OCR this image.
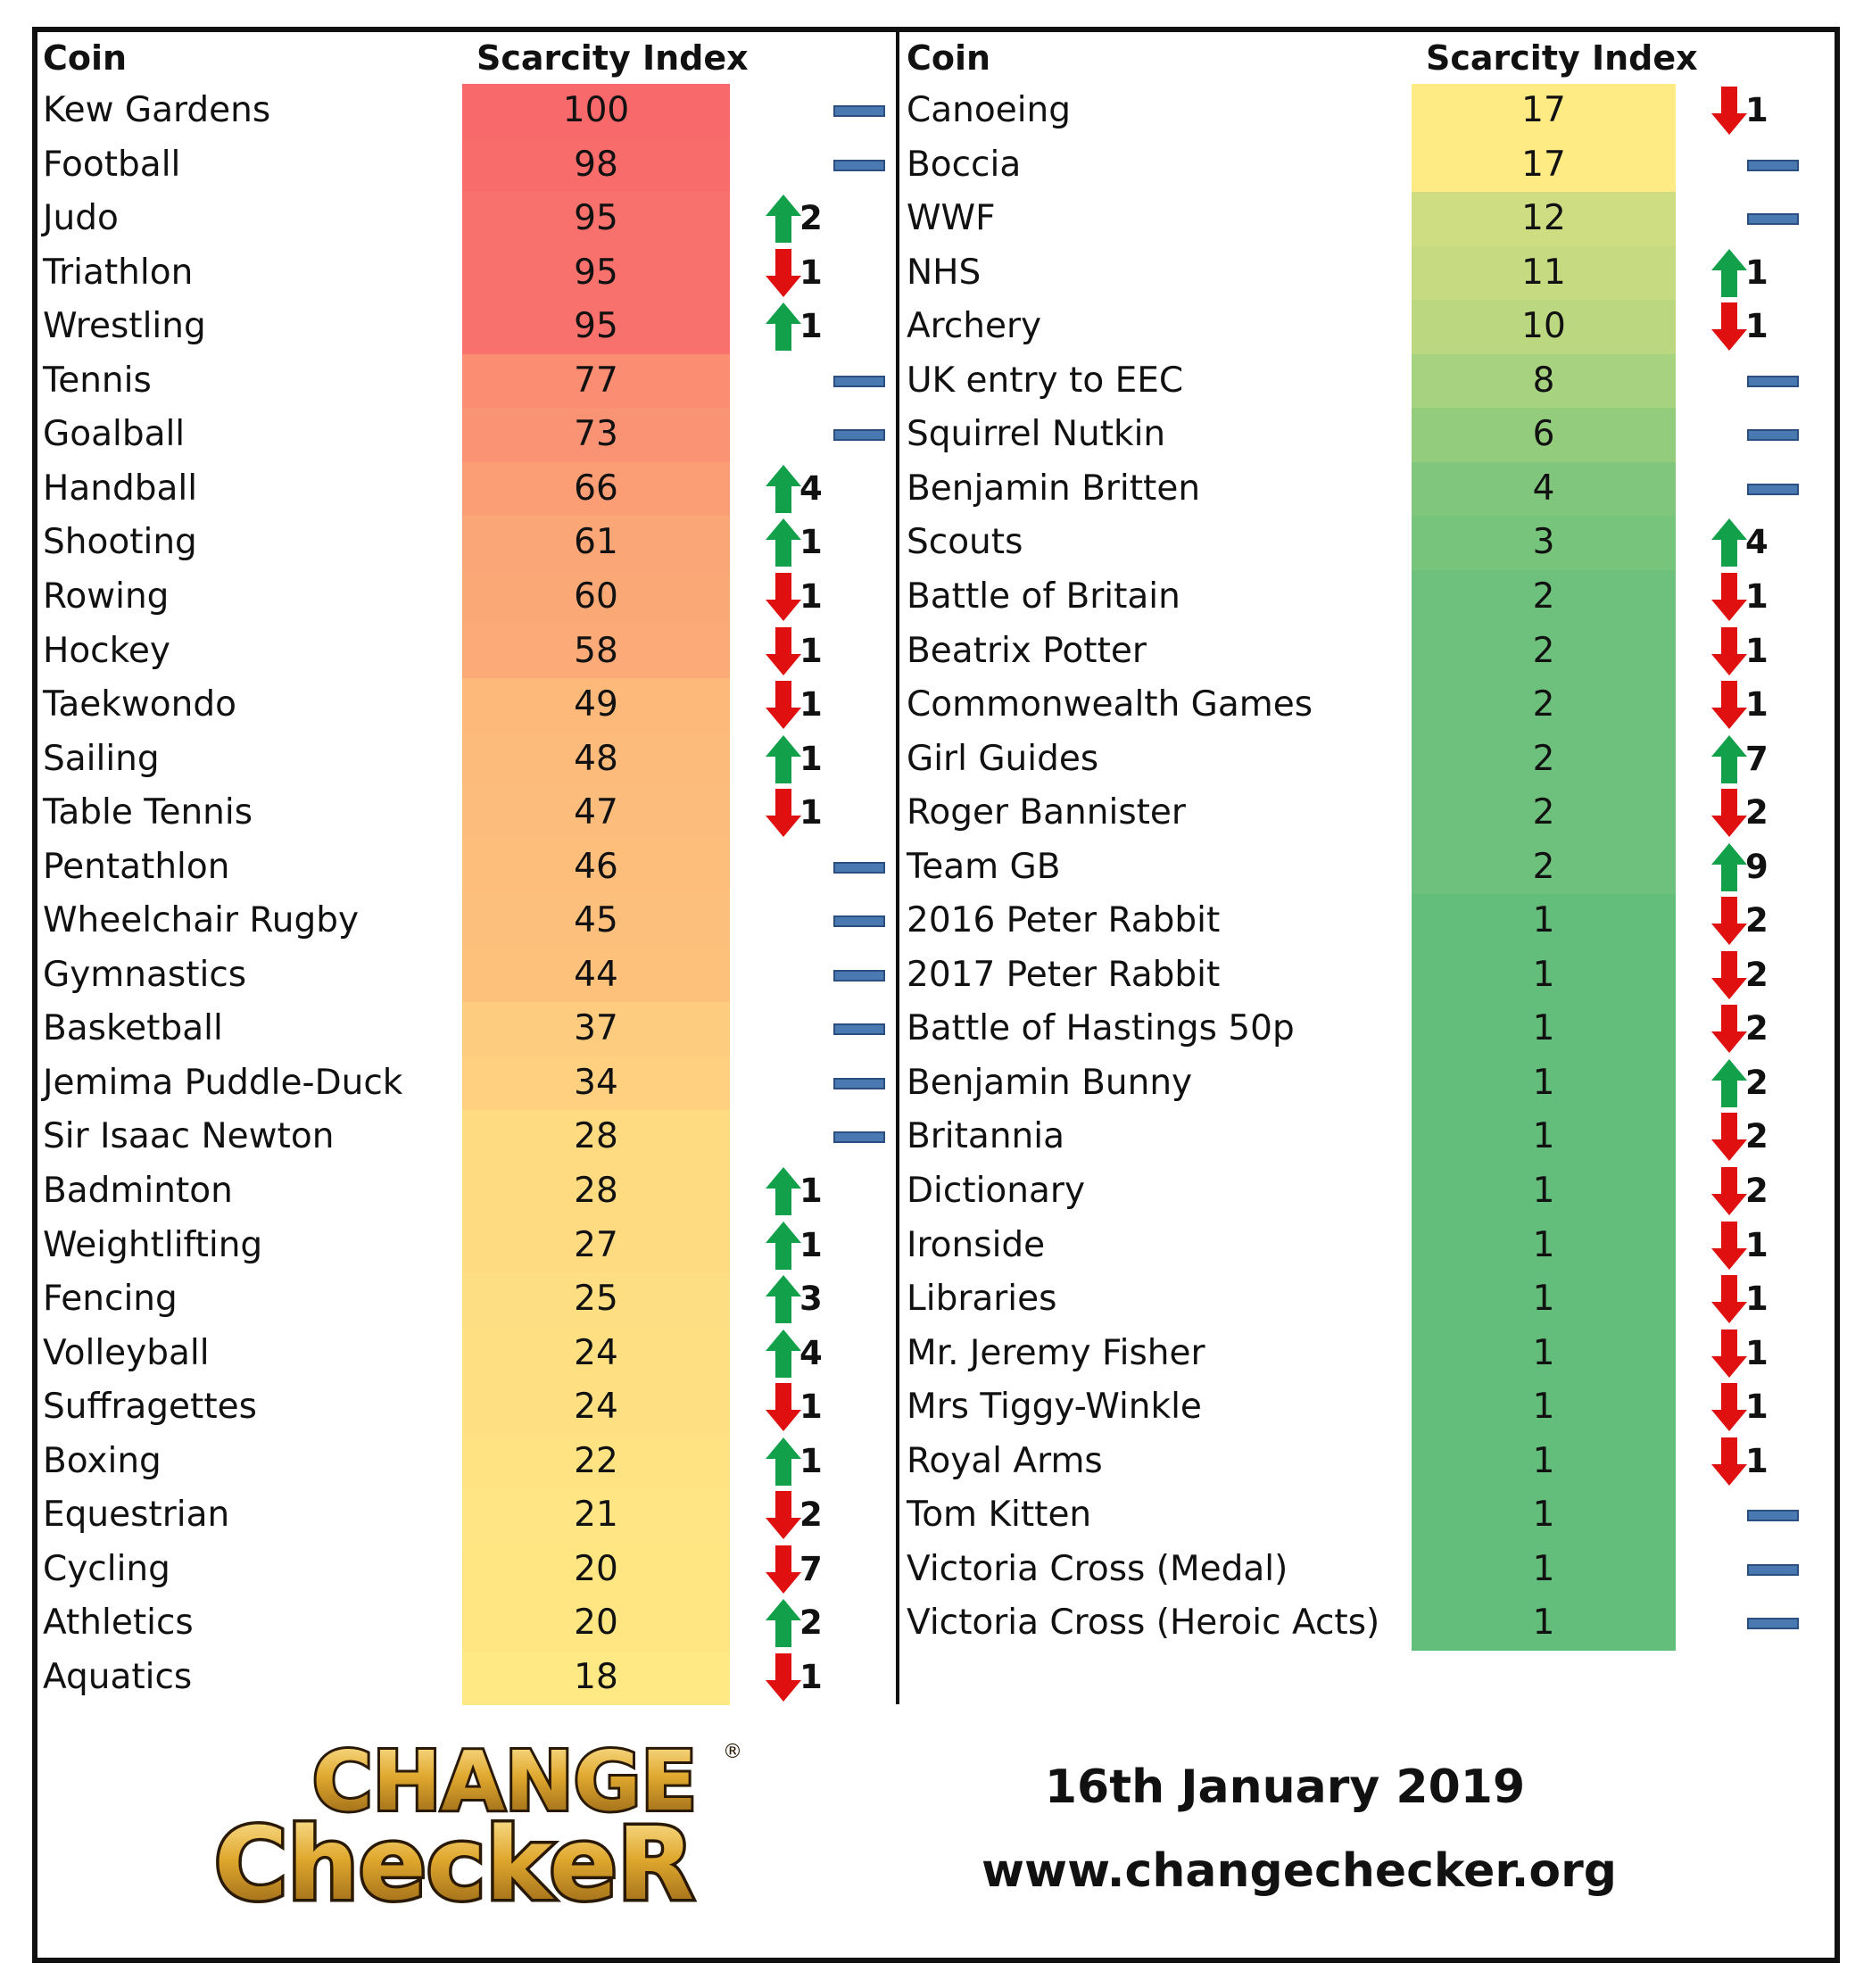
Coin	Scarcity Index
Kew Gardens	100
Football	98
Judo	95	2
Triathlon	95	1
Wrestling	95	1
Tennis	77
Goalball	73
Handball	66	4
Shooting	61	1
Rowing	60	1
Hockey	58	1
Taekwondo	49	1
Sailing	48	1
Table Tennis	47	1
Pentathlon	46
Wheelchair Rugby	45
Gymnastics	44
Basketball	37
Jemima Puddle-Duck	34
Sir Isaac Newton	28
Badminton	28	1
Weightlifting	27	1
Fencing	25	3
Volleyball	24	4
Suffragettes	24	1
Boxing	22	1
Equestrian	21	2
Cycling	20	7
Athletics	20	2
Aquatics	18	1
Coin	Scarcity Index
Canoeing	17	1
Boccia	17
WWF	12
NHS	11	1
Archery	10	1
UK entry to EEC	8
Squirrel Nutkin	6
Benjamin Britten	4
Scouts	3	4
Battle of Britain	2	1
Beatrix Potter	2	1
Commonwealth Games	2	1
Girl Guides	2	7
Roger Bannister	2	2
Team GB	2	9
2016 Peter Rabbit	1	2
2017 Peter Rabbit	1	2
Battle of Hastings 50p	1	2
Benjamin Bunny	1	2
Britannia	1	2
Dictionary	1	2
Ironside	1	1
Libraries	1	1
Mr. Jeremy Fisher	1	1
Mrs Tiggy-Winkle	1	1
Royal Arms	1	1
Tom Kitten	1
Victoria Cross (Medal)	1
Victoria Cross (Heroic Acts)	1
CHANGE
CheckeR
®
16th January 2019
www.changechecker.org
